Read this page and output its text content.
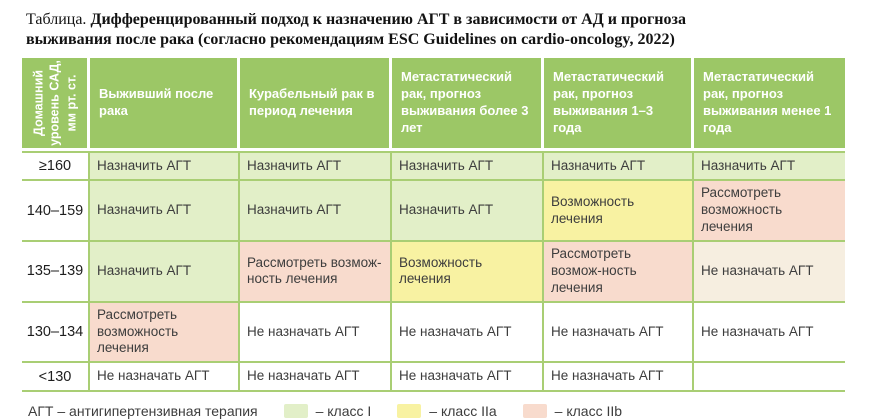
Таблица. Дифференцированный подход к назначению АГТ в зависимости от АД и прогноза выживания после рака (согласно рекомендациям ESC Guidelines on cardio-oncology, 2022)
Домашний уровень САД, мм рт. ст.	Выживший после рака	Курабельный рак в период лечения	Метастатический рак, прогноз выживания более 3 лет	Метастатический рак, прогноз выживания 1–3 года	Метастатический рак, прогноз выживания менее 1 года
≥160	Назначить АГТ	Назначить АГТ	Назначить АГТ	Назначить АГТ	Назначить АГТ
140–159	Назначить АГТ	Назначить АГТ	Назначить АГТ	Возможность лечения	Рассмотреть возможность лечения
135–139	Назначить АГТ	Рассмотреть возмож-ность лечения	Возможность лечения	Рассмотреть возмож-ность лечения	Не назначать АГТ
130–134	Рассмотреть возможность лечения	Не назначать АГТ	Не назначать АГТ	Не назначать АГТ	Не назначать АГТ
<130	Не назначать АГТ	Не назначать АГТ	Не назначать АГТ	Не назначать АГТ	
АГТ – антигипертензивная терапия	– класс I	– класс IIa	– класс IIb
